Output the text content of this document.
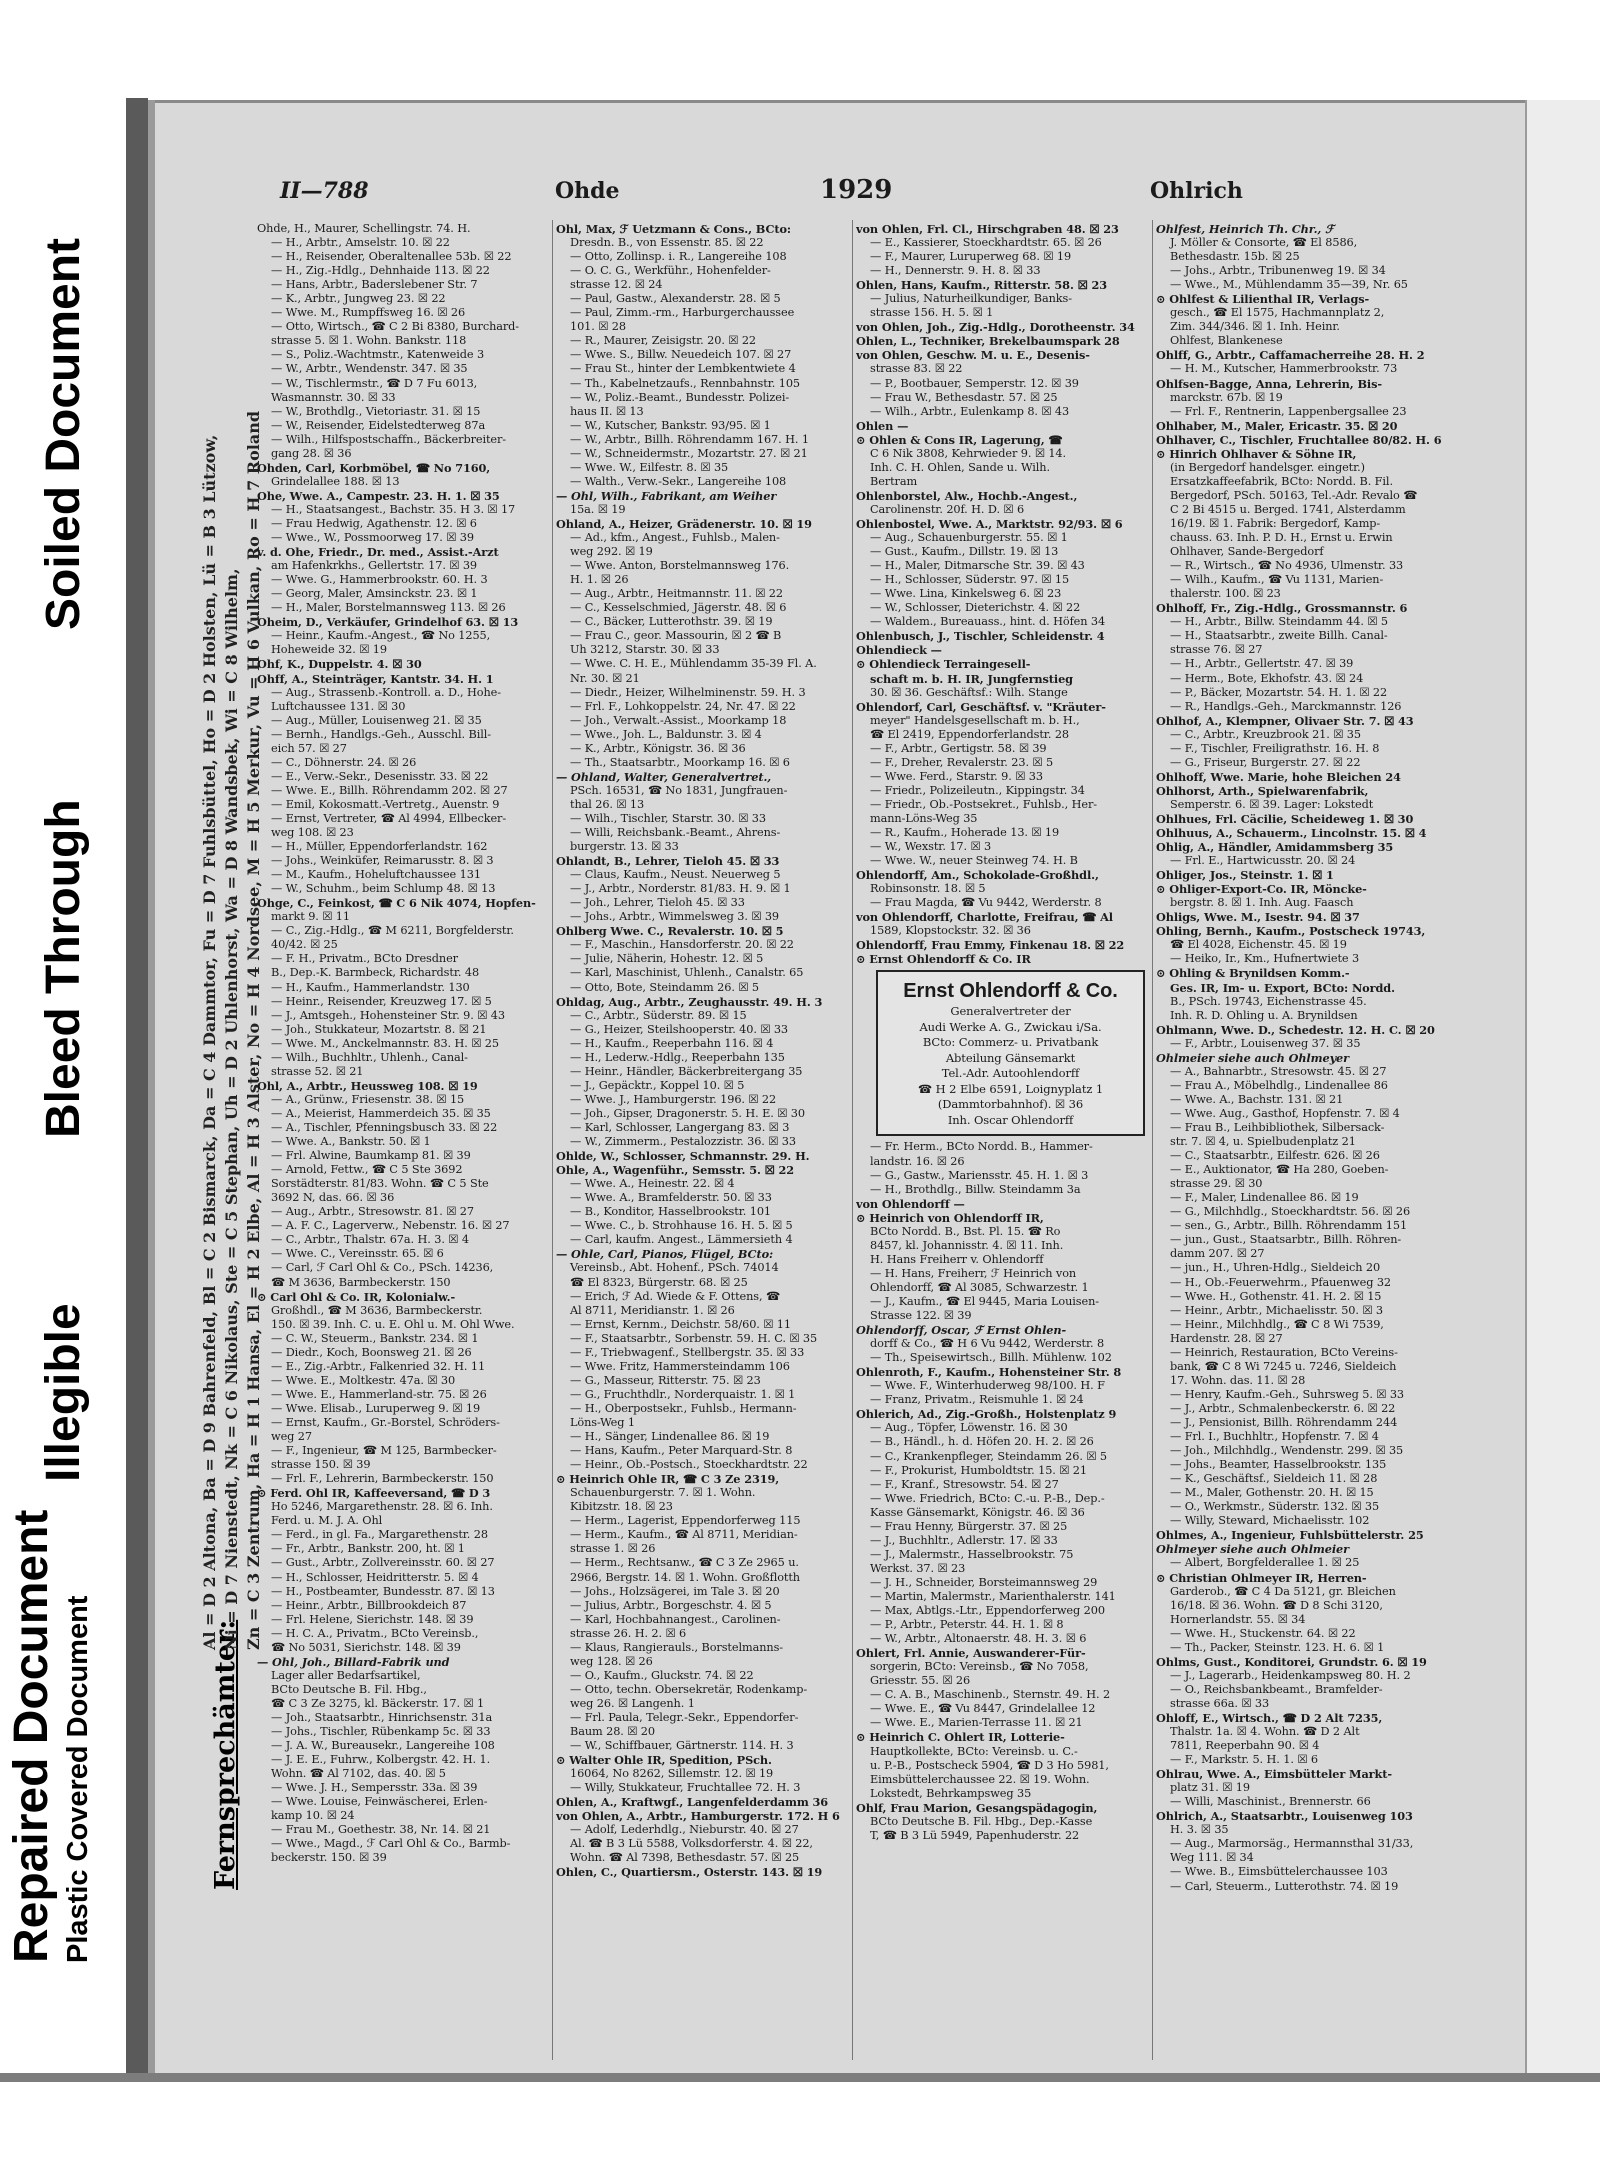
Repaired Document Plastic Covered Document
Illegible
Bleed Through
Soiled Document
Fernsprechämter:
Al = D 2 Altona, Ba = D 9 Bahrenfeld, Bl = C 2 Bismarck, Da = C 4 Dammtor, Fu = D 7 Fuhlsbüttel, Ho = D 2 Holsten, Lü = B 3 Lützow, Ni = D 7 Nienstedt, Nk = C 6 Nikolaus, Ste = C 5 Stephan, Uh = D 2 Uhlenhorst, Wa = D 8 Wandsbek, Wi = C 8 Wilhelm, Zn = C 3 Zentrum, Ha = H 1 Hansa, El = H 2 Elbe, Al = H 3 Alster, No = H 4 Nordsee, M = H 5 Merkur, Vu = H 6 Vulkan, Ro = H 7 Roland
II—788	Ohde	1929	Ohlrich
Ohde, H., Maurer, Schellingstr. 74. H.
— H., Arbtr., Amselstr. 10. ☒ 22
— H., Reisender, Oberaltenallee 53b. ☒ 22
— H., Zig.-Hdlg., Dehnhaide 113. ☒ 22
— Hans, Arbtr., Baderslebener Str. 7
— K., Arbtr., Jungweg 23. ☒ 22
— Wwe. M., Rumpffsweg 16. ☒ 26
— Otto, Wirtsch., ☎ C 2 Bi 8380, Burchard-
strasse 5. ☒ 1. Wohn. Bankstr. 118
— S., Poliz.-Wachtmstr., Katenweide 3
— W., Arbtr., Wendenstr. 347. ☒ 35
— W., Tischlermstr., ☎ D 7 Fu 6013,
Wasmannstr. 30. ☒ 33
— W., Brothdlg., Vietoriastr. 31. ☒ 15
— W., Reisender, Eidelstedterweg 87a
— Wilh., Hilfspostschaffn., Bäckerbreiter-
gang 28. ☒ 36
Ohden, Carl, Korbmöbel, ☎ No 7160,
Grindelallee 188. ☒ 13
Ohe, Wwe. A., Campestr. 23. H. 1. ☒ 35
— H., Staatsangest., Bachstr. 35. H 3. ☒ 17
— Frau Hedwig, Agathenstr. 12. ☒ 6
— Wwe., W., Possmoorweg 17. ☒ 39
v. d. Ohe, Friedr., Dr. med., Assist.-Arzt
am Hafenkrkhs., Gellertstr. 17. ☒ 39
— Wwe. G., Hammerbrookstr. 60. H. 3
— Georg, Maler, Amsinckstr. 23. ☒ 1
— H., Maler, Borstelmannsweg 113. ☒ 26
Oheim, D., Verkäufer, Grindelhof 63. ☒ 13
— Heinr., Kaufm.-Angest., ☎ No 1255,
Hoheweide 32. ☒ 19
Ohf, K., Duppelstr. 4. ☒ 30
Ohff, A., Steinträger, Kantstr. 34. H. 1
— Aug., Strassenb.-Kontroll. a. D., Hohe-
Luftchaussee 131. ☒ 30
— Aug., Müller, Louisenweg 21. ☒ 35
— Bernh., Handlgs.-Geh., Ausschl. Bill-
eich 57. ☒ 27
— C., Döhnerstr. 24. ☒ 26
— E., Verw.-Sekr., Desenisstr. 33. ☒ 22
— Wwe. E., Billh. Röhrendamm 202. ☒ 27
— Emil, Kokosmatt.-Vertretg., Auenstr. 9
— Ernst, Vertreter, ☎ Al 4994, Ellbecker-
weg 108. ☒ 23
— H., Müller, Eppendorferlandstr. 162
— Johs., Weinküfer, Reimarusstr. 8. ☒ 3
— M., Kaufm., Hoheluftchaussee 131
— W., Schuhm., beim Schlump 48. ☒ 13
Ohge, C., Feinkost, ☎ C 6 Nik 4074, Hopfen-
markt 9. ☒ 11
— C., Zig.-Hdlg., ☎ M 6211, Borgfelderstr.
40/42. ☒ 25
— F. H., Privatm., BCto Dresdner
B., Dep.-K. Barmbeck, Richardstr. 48
— H., Kaufm., Hammerlandstr. 130
— Heinr., Reisender, Kreuzweg 17. ☒ 5
— J., Amtsgeh., Hohensteiner Str. 9. ☒ 43
— Joh., Stukkateur, Mozartstr. 8. ☒ 21
— Wwe. M., Anckelmannstr. 83. H. ☒ 25
— Wilh., Buchhltr., Uhlenh., Canal-
strasse 52. ☒ 21
Ohl, A., Arbtr., Heussweg 108. ☒ 19
— A., Grünw., Friesenstr. 38. ☒ 15
— A., Meierist, Hammerdeich 35. ☒ 35
— A., Tischler, Pfenningsbusch 33. ☒ 22
— Wwe. A., Bankstr. 50. ☒ 1
— Frl. Alwine, Baumkamp 81. ☒ 39
— Arnold, Fettw., ☎ C 5 Ste 3692
Sorstädterstr. 81/83. Wohn. ☎ C 5 Ste
3692 N, das. 66. ☒ 36
— Aug., Arbtr., Stresowstr. 81. ☒ 27
— A. F. C., Lagerverw., Nebenstr. 16. ☒ 27
— C., Arbtr., Thalstr. 67a. H. 3. ☒ 4
— Wwe. C., Vereinsstr. 65. ☒ 6
— Carl, ℱ Carl Ohl & Co., PSch. 14236,
☎ M 3636, Barmbeckerstr. 150
⊙ Carl Ohl & Co. IR, Kolonialw.-
Großhdl., ☎ M 3636, Barmbeckerstr.
150. ☒ 39. Inh. C. u. E. Ohl u. M. Ohl Wwe.
— C. W., Steuerm., Bankstr. 234. ☒ 1
— Diedr., Koch, Boonsweg 21. ☒ 26
— E., Zig.-Arbtr., Falkenried 32. H. 11
— Wwe. E., Moltkestr. 47a. ☒ 30
— Wwe. E., Hammerland-str. 75. ☒ 26
— Wwe. Elisab., Luruperweg 9. ☒ 19
— Ernst, Kaufm., Gr.-Borstel, Schröders-
weg 27
— F., Ingenieur, ☎ M 125, Barmbecker-
strasse 150. ☒ 39
— Frl. F., Lehrerin, Barmbeckerstr. 150
⊙ Ferd. Ohl IR, Kaffeeversand, ☎ D 3
Ho 5246, Margarethenstr. 28. ☒ 6. Inh.
Ferd. u. M. J. A. Ohl
— Ferd., in gl. Fa., Margarethenstr. 28
— Fr., Arbtr., Bankstr. 200, ht. ☒ 1
— Gust., Arbtr., Zollvereinsstr. 60. ☒ 27
— H., Schlosser, Heidritterstr. 5. ☒ 4
— H., Postbeamter, Bundesstr. 87. ☒ 13
— Heinr., Arbtr., Billbrookdeich 87
— Frl. Helene, Sierichstr. 148. ☒ 39
— H. C. A., Privatm., BCto Vereinsb.,
☎ No 5031, Sierichstr. 148. ☒ 39
— Ohl, Joh., Billard-Fabrik und
Lager aller Bedarfsartikel,
BCto Deutsche B. Fil. Hbg.,
☎ C 3 Ze 3275, kl. Bäckerstr. 17. ☒ 1
— Joh., Staatsarbtr., Hinrichsenstr. 31a
— Johs., Tischler, Rübenkamp 5c. ☒ 33
— J. A. W., Bureausekr., Langereihe 108
— J. E. E., Fuhrw., Kolbergstr. 42. H. 1.
Wohn. ☎ Al 7102, das. 40. ☒ 5
— Wwe. J. H., Sempersstr. 33a. ☒ 39
— Wwe. Louise, Feinwäscherei, Erlen-
kamp 10. ☒ 24
— Frau M., Goethestr. 38, Nr. 14. ☒ 21
— Wwe., Magd., ℱ Carl Ohl & Co., Barmb-
beckerstr. 150. ☒ 39
Ohl, Max, ℱ Uetzmann & Cons., BCto:
Dresdn. B., von Essenstr. 85. ☒ 22
— Otto, Zollinsp. i. R., Langereihe 108
— O. C. G., Werkführ., Hohenfelder-
strasse 12. ☒ 24
— Paul, Gastw., Alexanderstr. 28. ☒ 5
— Paul, Zimm.-rm., Harburgerchaussee
101. ☒ 28
— R., Maurer, Zeisigstr. 20. ☒ 22
— Wwe. S., Billw. Neuedeich 107. ☒ 27
— Frau St., hinter der Lembkentwiete 4
— Th., Kabelnetzaufs., Rennbahnstr. 105
— W., Poliz.-Beamt., Bundesstr. Polizei-
haus II. ☒ 13
— W., Kutscher, Bankstr. 93/95. ☒ 1
— W., Arbtr., Billh. Röhrendamm 167. H. 1
— W., Schneidermstr., Mozartstr. 27. ☒ 21
— Wwe. W., Eilfestr. 8. ☒ 35
— Walth., Verw.-Sekr., Langereihe 108
— Ohl, Wilh., Fabrikant, am Weiher
15a. ☒ 19
Ohland, A., Heizer, Grädenerstr. 10. ☒ 19
— Ad., kfm., Angest., Fuhlsb., Malen-
weg 292. ☒ 19
— Wwe. Anton, Borstelmannsweg 176.
H. 1. ☒ 26
— Aug., Arbtr., Heitmannstr. 11. ☒ 22
— C., Kesselschmied, Jägerstr. 48. ☒ 6
— C., Bäcker, Lutterothstr. 39. ☒ 19
— Frau C., geor. Massourin, ☒ 2 ☎ B
Uh 3212, Starstr. 30. ☒ 33
— Wwe. C. H. E., Mühlendamm 35-39 Fl. A.
Nr. 30. ☒ 21
— Diedr., Heizer, Wilhelminenstr. 59. H. 3
— Frl. F., Lohkoppelstr. 24, Nr. 47. ☒ 22
— Joh., Verwalt.-Assist., Moorkamp 18
— Wwe., Joh. L., Baldunstr. 3. ☒ 4
— K., Arbtr., Königstr. 36. ☒ 36
— Th., Staatsarbtr., Moorkamp 16. ☒ 6
— Ohland, Walter, Generalvertret.,
PSch. 16531, ☎ No 1831, Jungfrauen-
thal 26. ☒ 13
— Wilh., Tischler, Starstr. 30. ☒ 33
— Willi, Reichsbank.-Beamt., Ahrens-
burgerstr. 13. ☒ 33
Ohlandt, B., Lehrer, Tieloh 45. ☒ 33
— Claus, Kaufm., Neust. Neuerweg 5
— J., Arbtr., Norderstr. 81/83. H. 9. ☒ 1
— Joh., Lehrer, Tieloh 45. ☒ 33
— Johs., Arbtr., Wimmelsweg 3. ☒ 39
Ohlberg Wwe. C., Revalerstr. 10. ☒ 5
— F., Maschin., Hansdorferstr. 20. ☒ 22
— Julie, Näherin, Hohestr. 12. ☒ 5
— Karl, Maschinist, Uhlenh., Canalstr. 65
— Otto, Bote, Steindamm 26. ☒ 5
Ohldag, Aug., Arbtr., Zeughausstr. 49. H. 3
— C., Arbtr., Süderstr. 89. ☒ 15
— G., Heizer, Steilshooperstr. 40. ☒ 33
— H., Kaufm., Reeperbahn 116. ☒ 4
— H., Lederw.-Hdlg., Reeperbahn 135
— Heinr., Händler, Bäckerbreitergang 35
— J., Gepäcktr., Koppel 10. ☒ 5
— Wwe. J., Hamburgerstr. 196. ☒ 22
— Joh., Gipser, Dragonerstr. 5. H. E. ☒ 30
— Karl, Schlosser, Langergang 83. ☒ 3
— W., Zimmerm., Pestalozzistr. 36. ☒ 33
Ohlde, W., Schlosser, Schmannstr. 29. H.
Ohle, A., Wagenführ., Semsstr. 5. ☒ 22
— Wwe. A., Heinestr. 22. ☒ 4
— Wwe. A., Bramfelderstr. 50. ☒ 33
— B., Konditor, Hasselbrookstr. 101
— Wwe. C., b. Strohhause 16. H. 5. ☒ 5
— Carl, kaufm. Angest., Lämmersieth 4
— Ohle, Carl, Pianos, Flügel, BCto:
Vereinsb., Abt. Hohenf., PSch. 74014
☎ El 8323, Bürgerstr. 68. ☒ 25
— Erich, ℱ Ad. Wiede & F. Ottens, ☎
Al 8711, Meridianstr. 1. ☒ 26
— Ernst, Kernm., Deichstr. 58/60. ☒ 11
— F., Staatsarbtr., Sorbenstr. 59. H. C. ☒ 35
— F., Triebwagenf., Stellbergstr. 35. ☒ 33
— Wwe. Fritz, Hammersteindamm 106
— G., Masseur, Ritterstr. 75. ☒ 23
— G., Fruchthdlr., Norderquaistr. 1. ☒ 1
— H., Oberpostsekr., Fuhlsb., Hermann-
Löns-Weg 1
— H., Sänger, Lindenallee 86. ☒ 19
— Hans, Kaufm., Peter Marquard-Str. 8
— Heinr., Ob.-Postsch., Stoeckhardtstr. 22
⊙ Heinrich Ohle IR, ☎ C 3 Ze 2319,
Schauenburgerstr. 7. ☒ 1. Wohn.
Kibitzstr. 18. ☒ 23
— Herm., Lagerist, Eppendorferweg 115
— Herm., Kaufm., ☎ Al 8711, Meridian-
strasse 1. ☒ 26
— Herm., Rechtsanw., ☎ C 3 Ze 2965 u.
2966, Bergstr. 14. ☒ 1. Wohn. Großflotth
— Johs., Holzsägerei, im Tale 3. ☒ 20
— Julius, Arbtr., Borgeschstr. 4. ☒ 5
— Karl, Hochbahnangest., Carolinen-
strasse 26. H. 2. ☒ 6
— Klaus, Rangierauls., Borstelmanns-
weg 128. ☒ 26
— O., Kaufm., Gluckstr. 74. ☒ 22
— Otto, techn. Obersekretär, Rodenkamp-
weg 26. ☒ Langenh. 1
— Frl. Paula, Telegr.-Sekr., Eppendorfer-
Baum 28. ☒ 20
— W., Schiffbauer, Gärtnerstr. 114. H. 3
⊙ Walter Ohle IR, Spedition, PSch.
16064, No 8262, Sillemstr. 12. ☒ 19
— Willy, Stukkateur, Fruchtallee 72. H. 3
Ohlen, A., Kraftwgf., Langenfelderdamm 36
von Ohlen, A., Arbtr., Hamburgerstr. 172. H 6
— Adolf, Lederhdlg., Nieburstr. 40. ☒ 27
Al. ☎ B 3 Lü 5588, Volksdorferstr. 4. ☒ 22,
Wohn. ☎ Al 7398, Bethesdastr. 57. ☒ 25
Ohlen, C., Quartiersm., Osterstr. 143. ☒ 19
von Ohlen, Frl. Cl., Hirschgraben 48. ☒ 23
— E., Kassierer, Stoeckhardtstr. 65. ☒ 26
— F., Maurer, Luruperweg 68. ☒ 19
— H., Dennerstr. 9. H. 8. ☒ 33
Ohlen, Hans, Kaufm., Ritterstr. 58. ☒ 23
— Julius, Naturheilkundiger, Banks-
strasse 156. H. 5. ☒ 1
von Ohlen, Joh., Zig.-Hdlg., Dorotheenstr. 34
Ohlen, L., Techniker, Brekelbaumspark 28
von Ohlen, Geschw. M. u. E., Desenis-
strasse 83. ☒ 22
— P., Bootbauer, Semperstr. 12. ☒ 39
— Frau W., Bethesdastr. 57. ☒ 25
— Wilh., Arbtr., Eulenkamp 8. ☒ 43
Ohlen —
⊙ Ohlen & Cons IR, Lagerung, ☎
C 6 Nik 3808, Kehrwieder 9. ☒ 14.
Inh. C. H. Ohlen, Sande u. Wilh.
Bertram
Ohlenborstel, Alw., Hochb.-Angest.,
Carolinenstr. 20f. H. D. ☒ 6
Ohlenbostel, Wwe. A., Marktstr. 92/93. ☒ 6
— Aug., Schauenburgerstr. 55. ☒ 1
— Gust., Kaufm., Dillstr. 19. ☒ 13
— H., Maler, Ditmarsche Str. 39. ☒ 43
— H., Schlosser, Süderstr. 97. ☒ 15
— Wwe. Lina, Kinkelsweg 6. ☒ 23
— W., Schlosser, Dieterichstr. 4. ☒ 22
— Waldem., Bureauass., hint. d. Höfen 34
Ohlenbusch, J., Tischler, Schleidenstr. 4
Ohlendieck —
⊙ Ohlendieck Terraingesell-
schaft m. b. H. IR, Jungfernstieg
30. ☒ 36. Geschäftsf.: Wilh. Stange
Ohlendorf, Carl, Geschäftsf. v. "Kräuter-
meyer" Handelsgesellschaft m. b. H.,
☎ El 2419, Eppendorferlandstr. 28
— F., Arbtr., Gertigstr. 58. ☒ 39
— F., Dreher, Revalerstr. 23. ☒ 5
— Wwe. Ferd., Starstr. 9. ☒ 33
— Friedr., Polizeileutn., Kippingstr. 34
— Friedr., Ob.-Postsekret., Fuhlsb., Her-
mann-Löns-Weg 35
— R., Kaufm., Hoherade 13. ☒ 19
— W., Wexstr. 17. ☒ 3
— Wwe. W., neuer Steinweg 74. H. B
Ohlendorff, Am., Schokolade-Großhdl.,
Robinsonstr. 18. ☒ 5
— Frau Magda, ☎ Vu 9442, Werderstr. 8
von Ohlendorff, Charlotte, Freifrau, ☎ Al
1589, Klopstockstr. 32. ☒ 36
Ohlendorff, Frau Emmy, Finkenau 18. ☒ 22
⊙ Ernst Ohlendorff & Co. IR
Ernst Ohlendorff & Co.
Generalvertreter der
Audi Werke A. G., Zwickau i/Sa.
BCto: Commerz- u. Privatbank
Abteilung Gänsemarkt
Tel.-Adr. Autoohlendorff
☎ H 2 Elbe 6591, Loignyplatz 1
(Dammtorbahnhof). ☒ 36
Inh. Oscar Ohlendorff
— Fr. Herm., BCto Nordd. B., Hammer-
landstr. 16. ☒ 26
— G., Gastw., Mariensstr. 45. H. 1. ☒ 3
— H., Brothdlg., Billw. Steindamm 3a
von Ohlendorff —
⊙ Heinrich von Ohlendorff IR,
BCto Nordd. B., Bst. Pl. 15. ☎ Ro
8457, kl. Johannisstr. 4. ☒ 11. Inh.
H. Hans Freiherr v. Ohlendorff
— H. Hans, Freiherr, ℱ Heinrich von
Ohlendorff, ☎ Al 3085, Schwarzestr. 1
— J., Kaufm., ☎ El 9445, Maria Louisen-
Strasse 122. ☒ 39
Ohlendorff, Oscar, ℱ Ernst Ohlen-
dorff & Co., ☎ H 6 Vu 9442, Werderstr. 8
— Th., Speisewirtsch., Billh. Mühlenw. 102
Ohlenroth, F., Kaufm., Hohensteiner Str. 8
— Wwe. F., Winterhuderweg 98/100. H. F
— Franz, Privatm., Reismuhle 1. ☒ 24
Ohlerich, Ad., Zig.-Großh., Holstenplatz 9
— Aug., Töpfer, Löwenstr. 16. ☒ 30
— B., Händl., h. d. Höfen 20. H. 2. ☒ 26
— C., Krankenpfleger, Steindamm 26. ☒ 5
— F., Prokurist, Humboldtstr. 15. ☒ 21
— F., Kranf., Stresowstr. 54. ☒ 27
— Wwe. Friedrich, BCto: C.-u. P.-B., Dep.-
Kasse Gänsemarkt, Königstr. 46. ☒ 36
— Frau Henny, Bürgerstr. 37. ☒ 25
— J., Buchhltr., Adlerstr. 17. ☒ 33
— J., Malermstr., Hasselbrookstr. 75
Werkst. 37. ☒ 23
— J. H., Schneider, Borsteimannsweg 29
— Martin, Malermstr., Marienthalerstr. 141
— Max, Abtlgs.-Ltr., Eppendorferweg 200
— P., Arbtr., Peterstr. 44. H. 1. ☒ 8
— W., Arbtr., Altonaerstr. 48. H. 3. ☒ 6
Ohlert, Frl. Annie, Auswanderer-Für-
sorgerin, BCto: Vereinsb., ☎ No 7058,
Griesstr. 55. ☒ 26
— C. A. B., Maschinenb., Sternstr. 49. H. 2
— Wwe. E., ☎ Vu 8447, Grindelallee 12
— Wwe. E., Marien-Terrasse 11. ☒ 21
⊙ Heinrich C. Ohlert IR, Lotterie-
Hauptkollekte, BCto: Vereinsb. u. C.-
u. P.-B., Postscheck 5904, ☎ D 3 Ho 5981,
Eimsbüttelerchaussee 22. ☒ 19. Wohn.
Lokstedt, Behrkampsweg 35
Ohlf, Frau Marion, Gesangspädagogin,
BCto Deutsche B. Fil. Hbg., Dep.-Kasse
T, ☎ B 3 Lü 5949, Papenhuderstr. 22
Ohlfest, Heinrich Th. Chr., ℱ
J. Möller & Consorte, ☎ El 8586,
Bethesdastr. 15b. ☒ 25
— Johs., Arbtr., Tribunenweg 19. ☒ 34
— Wwe., M., Mühlendamm 35—39, Nr. 65
⊙ Ohlfest & Lilienthal IR, Verlags-
gesch., ☎ El 1575, Hachmannplatz 2,
Zim. 344/346. ☒ 1. Inh. Heinr.
Ohlfest, Blankenese
Ohlff, G., Arbtr., Caffamacherreihe 28. H. 2
— H. M., Kutscher, Hammerbrookstr. 73
Ohlfsen-Bagge, Anna, Lehrerin, Bis-
marckstr. 67b. ☒ 19
— Frl. F., Rentnerin, Lappenbergsallee 23
Ohlhaber, M., Maler, Ericastr. 35. ☒ 20
Ohlhaver, C., Tischler, Fruchtallee 80/82. H. 6
⊙ Hinrich Ohlhaver & Söhne IR,
(in Bergedorf handelsger. eingetr.)
Ersatzkaffeefabrik, BCto: Nordd. B. Fil.
Bergedorf, PSch. 50163, Tel.-Adr. Revalo ☎
C 2 Bi 4515 u. Berged. 1741, Alsterdamm
16/19. ☒ 1. Fabrik: Bergedorf, Kamp-
chauss. 63. Inh. P. D. H., Ernst u. Erwin
Ohlhaver, Sande-Bergedorf
— R., Wirtsch., ☎ No 4936, Ulmenstr. 33
— Wilh., Kaufm., ☎ Vu 1131, Marien-
thalerstr. 100. ☒ 23
Ohlhoff, Fr., Zig.-Hdlg., Grossmannstr. 6
— H., Arbtr., Billw. Steindamm 44. ☒ 5
— H., Staatsarbtr., zweite Billh. Canal-
strasse 76. ☒ 27
— H., Arbtr., Gellertstr. 47. ☒ 39
— Herm., Bote, Ekhofstr. 43. ☒ 24
— P., Bäcker, Mozartstr. 54. H. 1. ☒ 22
— R., Handlgs.-Geh., Marckmannstr. 126
Ohlhof, A., Klempner, Olivaer Str. 7. ☒ 43
— C., Arbtr., Kreuzbrook 21. ☒ 35
— F., Tischler, Freiligrathstr. 16. H. 8
— G., Friseur, Burgerstr. 27. ☒ 22
Ohlhoff, Wwe. Marie, hohe Bleichen 24
Ohlhorst, Arth., Spielwarenfabrik,
Semperstr. 6. ☒ 39. Lager: Lokstedt
Ohlhues, Frl. Cäcilie, Scheideweg 1. ☒ 30
Ohlhuus, A., Schauerm., Lincolnstr. 15. ☒ 4
Ohlig, A., Händler, Amidammsberg 35
— Frl. E., Hartwicusstr. 20. ☒ 24
Ohliger, Jos., Steinstr. 1. ☒ 1
⊙ Ohliger-Export-Co. IR, Mönckе-
bergstr. 8. ☒ 1. Inh. Aug. Faasch
Ohligs, Wwe. M., Isestr. 94. ☒ 37
Ohling, Bernh., Kaufm., Postscheck 19743,
☎ El 4028, Eichenstr. 45. ☒ 19
— Heiko, Ir., Km., Hufnertwiete 3
⊙ Ohling & Brynildsen Komm.-
Ges. IR, Im- u. Export, BCto: Nordd.
B., PSch. 19743, Eichenstrasse 45.
Inh. R. D. Ohling u. A. Brynildsen
Ohlmann, Wwe. D., Schedestr. 12. H. C. ☒ 20
— F., Arbtr., Louisenweg 37. ☒ 35
Ohlmeier siehe auch Ohlmeyer
— A., Bahnarbtr., Stresowstr. 45. ☒ 27
— Frau A., Möbelhdlg., Lindenallee 86
— Wwe. A., Bachstr. 131. ☒ 21
— Wwe. Aug., Gasthof, Hopfenstr. 7. ☒ 4
— Frau B., Leihbibliothek, Silbersack-
str. 7. ☒ 4, u. Spielbudenplatz 21
— C., Staatsarbtr., Eilfestr. 626. ☒ 26
— E., Auktionator, ☎ Ha 280, Goeben-
strasse 29. ☒ 30
— F., Maler, Lindenallee 86. ☒ 19
— G., Milchhdlg., Stoeckhardtstr. 56. ☒ 26
— sen., G., Arbtr., Billh. Röhrendamm 151
— jun., Gust., Staatsarbtr., Billh. Röhren-
damm 207. ☒ 27
— jun., H., Uhren-Hdlg., Sieldeich 20
— H., Ob.-Feuerwehrm., Pfauenweg 32
— Wwe. H., Gothenstr. 41. H. 2. ☒ 15
— Heinr., Arbtr., Michaelisstr. 50. ☒ 3
— Heinr., Milchhdlg., ☎ C 8 Wi 7539,
Hardenstr. 28. ☒ 27
— Heinrich, Restauration, BCto Vereins-
bank, ☎ C 8 Wi 7245 u. 7246, Sieldeich
17. Wohn. das. 11. ☒ 28
— Henry, Kaufm.-Geh., Suhrsweg 5. ☒ 33
— J., Arbtr., Schmalenbeckerstr. 6. ☒ 22
— J., Pensionist, Billh. Röhrendamm 244
— Frl. I., Buchhltr., Hopfenstr. 7. ☒ 4
— Joh., Milchhdlg., Wendenstr. 299. ☒ 35
— Johs., Beamter, Hasselbrookstr. 135
— K., Geschäftsf., Sieldeich 11. ☒ 28
— M., Maler, Gothenstr. 20. H. ☒ 15
— O., Werkmstr., Süderstr. 132. ☒ 35
— Willy, Steward, Michaelisstr. 102
Ohlmes, A., Ingenieur, Fuhlsbüttelerstr. 25
Ohlmeyer siehe auch Ohlmeier
— Albert, Borgfelderallee 1. ☒ 25
⊙ Christian Ohlmeyer IR, Herren-
Garderob., ☎ C 4 Da 5121, gr. Bleichen
16/18. ☒ 36. Wohn. ☎ D 8 Schi 3120,
Hornerlandstr. 55. ☒ 34
— Wwe. H., Stuckenstr. 64. ☒ 22
— Th., Packer, Steinstr. 123. H. 6. ☒ 1
Ohlms, Gust., Konditorei, Grundstr. 6. ☒ 19
— J., Lagerarb., Heidenkampsweg 80. H. 2
— O., Reichsbankbeamt., Bramfelder-
strasse 66a. ☒ 33
Ohloff, E., Wirtsch., ☎ D 2 Alt 7235,
Thalstr. 1a. ☒ 4. Wohn. ☎ D 2 Alt
7811, Reeperbahn 90. ☒ 4
— F., Markstr. 5. H. 1. ☒ 6
Ohlrau, Wwe. A., Eimsbütteler Markt-
platz 31. ☒ 19
— Willi, Maschinist., Brennerstr. 66
Ohlrich, A., Staatsarbtr., Louisenweg 103
H. 3. ☒ 35
— Aug., Marmorsäg., Hermannsthal 31/33,
Weg 111. ☒ 34
— Wwe. B., Eimsbüttelerchaussee 103
— Carl, Steuerm., Lutterothstr. 74. ☒ 19
